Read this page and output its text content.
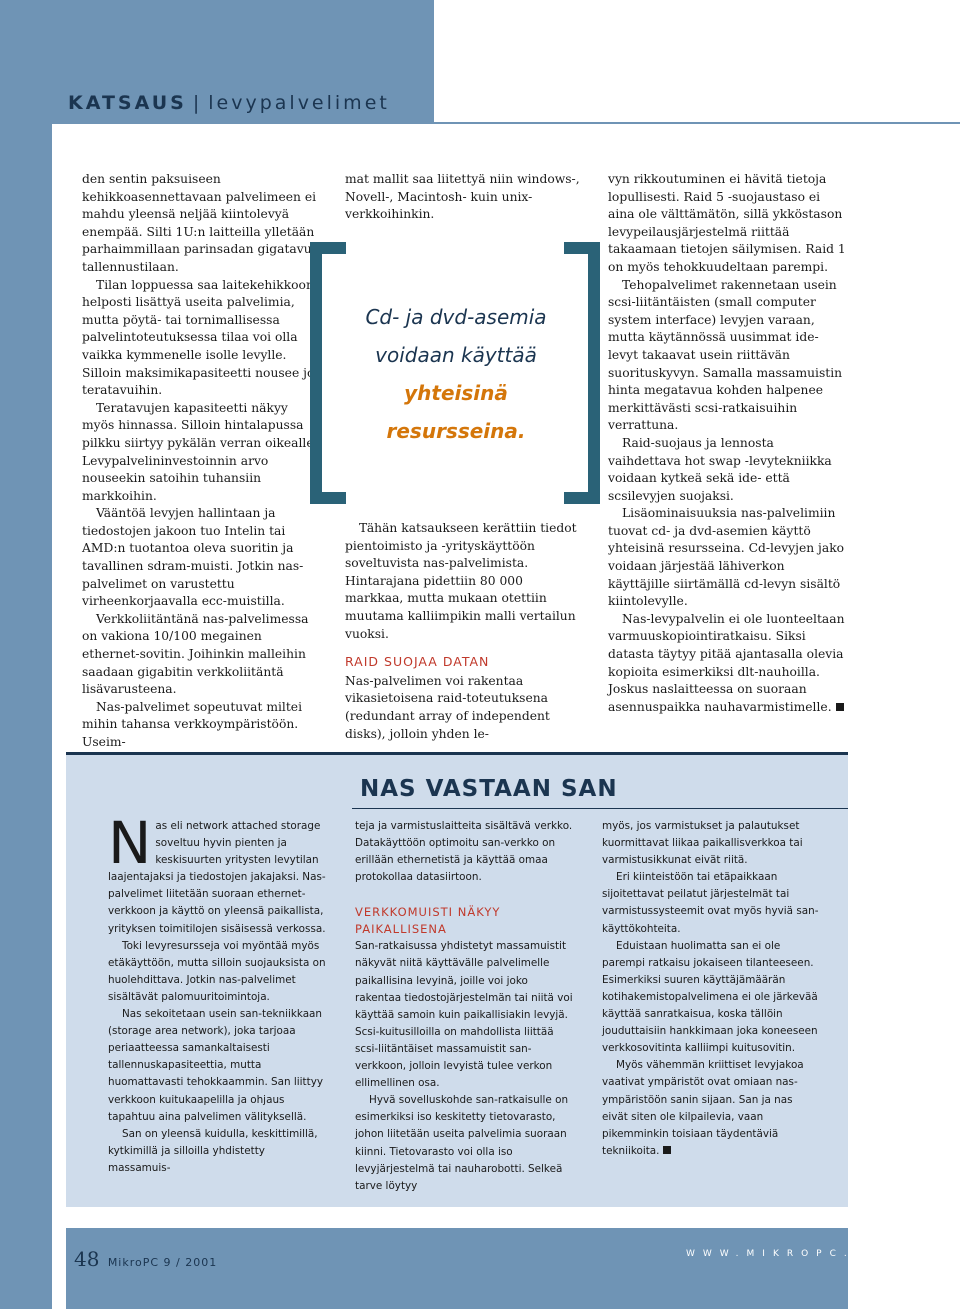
KATSAUS | levypalvelimet

den sentin paksuiseen kehikkoasennettavaan palvelimeen ei mahdu yleensä neljää kiintolevyä enempää. Silti 1U:n laitteilla ylletään parhaimmillaan parinsadan gigatavun tallennustilaan.

Tilan loppuessa saa laitekehikkoon helposti lisättyä useita palvelimia, mutta pöytä- tai tornimallisessa palvelintoteutuksessa tilaa voi olla vaikka kymmenelle isolle levylle. Silloin maksimikapasiteetti nousee jo teratavuihin.

Teratavujen kapasiteetti näkyy myös hinnassa. Silloin hintalapussa pilkku siirtyy pykälän verran oikealle. Levypalvelininvestoinnin arvo nouseekin satoihin tuhansiin markkoihin.

Vääntöä levyjen hallintaan ja tiedostojen jakoon tuo Intelin tai AMD:n tuotantoa oleva suoritin ja tavallinen sdram-muisti. Jotkin nas-palvelimet on varustettu virheenkorjaavalla ecc-muistilla.

Verkkoliitäntänä nas-palvelimessa on vakiona 10/100 megainen ethernet-sovitin. Joihinkin malleihin saadaan gigabitin verkkoliitäntä lisävarusteena.

Nas-palvelimet sopeutuvat miltei mihin tahansa verkkoympäristöön. Useim-

mat mallit saa liitettyä niin windows-, Novell-, Macintosh- kuin unix-verkkoihinkin.

Cd- ja dvd-asemia
voidaan käyttää
yhteisinä
resursseina.

Tähän katsaukseen kerättiin tiedot pientoimisto ja -yrityskäyttöön soveltuvista nas-palvelimista. Hintarajana pidettiin 80 000 markkaa, mutta mukaan otettiin muutama kalliimpikin malli vertailun vuoksi.

RAID SUOJAA DATAN

Nas-palvelimen voi rakentaa vikasietoisena raid-toteutuksena (redundant array of independent disks), jolloin yhden le-

vyn rikkoutuminen ei hävitä tietoja lopullisesti. Raid 5 -suojaustaso ei aina ole välttämätön, sillä ykköstason levypeilausjärjestelmä riittää takaamaan tietojen säilymisen. Raid 1 on myös tehokkuudeltaan parempi.

Tehopalvelimet rakennetaan usein scsi-liitäntäisten (small computer system interface) levyjen varaan, mutta käytännössä uusimmat ide-levyt takaavat usein riittävän suorituskyvyn. Samalla massamuistin hinta megatavua kohden halpenee merkittävästi scsi-ratkaisuihin verrattuna.

Raid-suojaus ja lennosta vaihdettava hot swap -levytekniikka voidaan kytkeä sekä ide- että scsilevyjen suojaksi.

Lisäominaisuuksia nas-palvelimiin tuovat cd- ja dvd-asemien käyttö yhteisinä resursseina. Cd-levyjen jako voidaan järjestää lähiverkon käyttäjille siirtämällä cd-levyn sisältö kiintolevylle.

Nas-levypalvelin ei ole luonteeltaan varmuuskopiointiratkaisu. Siksi datasta täytyy pitää ajantasalla olevia kopioita esimerkiksi dlt-nauhoilla. Joskus naslaitteessa on suoraan asennuspaikka nauhavarmistimelle.

NAS VASTAAN SAN

Nas eli network attached storage soveltuu hyvin pienten ja keskisuurten yritysten levytilan laajentajaksi ja tiedostojen jakajaksi. Nas-palvelimet liitetään suoraan ethernet-verkkoon ja käyttö on yleensä paikallista, yrityksen toimitilojen sisäisessä verkossa.

Toki levyresursseja voi myöntää myös etäkäyttöön, mutta silloin suojauksista on huolehdittava. Jotkin nas-palvelimet sisältävät palomuuritoimintoja.

Nas sekoitetaan usein san-tekniikkaan (storage area network), joka tarjoaa periaatteessa samankaltaisesti tallennuskapasiteettia, mutta huomattavasti tehokkaammin. San liittyy verkkoon kuitukaapelilla ja ohjaus tapahtuu aina palvelimen välityksellä.

San on yleensä kuidulla, keskittimillä, kytkimillä ja silloilla yhdistetty massamuis-

teja ja varmistuslaitteita sisältävä verkko. Datakäyttöön optimoitu san-verkko on erillään ethernetistä ja käyttää omaa protokollaa datasiirtoon.

VERKKOMUISTI NÄKYY PAIKALLISENA

San-ratkaisussa yhdistetyt massamuistit näkyvät niitä käyttävälle palvelimelle paikallisina levyinä, joille voi joko rakentaa tiedostojärjestelmän tai niitä voi käyttää samoin kuin paikallisiakin levyjä. Scsi-kuitusilloilla on mahdollista liittää scsi-liitäntäiset massamuistit san-verkkoon, jolloin levyistä tulee verkon ellimellinen osa.

Hyvä sovelluskohde san-ratkaisulle on esimerkiksi iso keskitetty tietovarasto, johon liitetään useita palvelimia suoraan kiinni. Tietovarasto voi olla iso levyjärjestelmä tai nauharobotti. Selkeä tarve löytyy

myös, jos varmistukset ja palautukset kuormittavat liikaa paikallisverkkoa tai varmistusikkunat eivät riitä.

Eri kiinteistöön tai etäpaikkaan sijoitettavat peilatut järjestelmät tai varmistussysteemit ovat myös hyviä san-käyttökohteita.

Eduistaan huolimatta san ei ole parempi ratkaisu jokaiseen tilanteeseen. Esimerkiksi suuren käyttäjämäärän kotihakemistopalvelimena ei ole järkevää käyttää sanratkaisua, koska tällöin jouduttaisiin hankkimaan joka koneeseen verkkosovitinta kalliimpi kuitusovitin.

Myös vähemmän kriittiset levyjakoa vaativat ympäristöt ovat omiaan nas-ympäristöön sanin sijaan. San ja nas eivät siten ole kilpailevia, vaan pikemminkin toisiaan täydentäviä tekniikoita.

48 MikroPC 9 / 2001
WWW.MIKROPC.NET
